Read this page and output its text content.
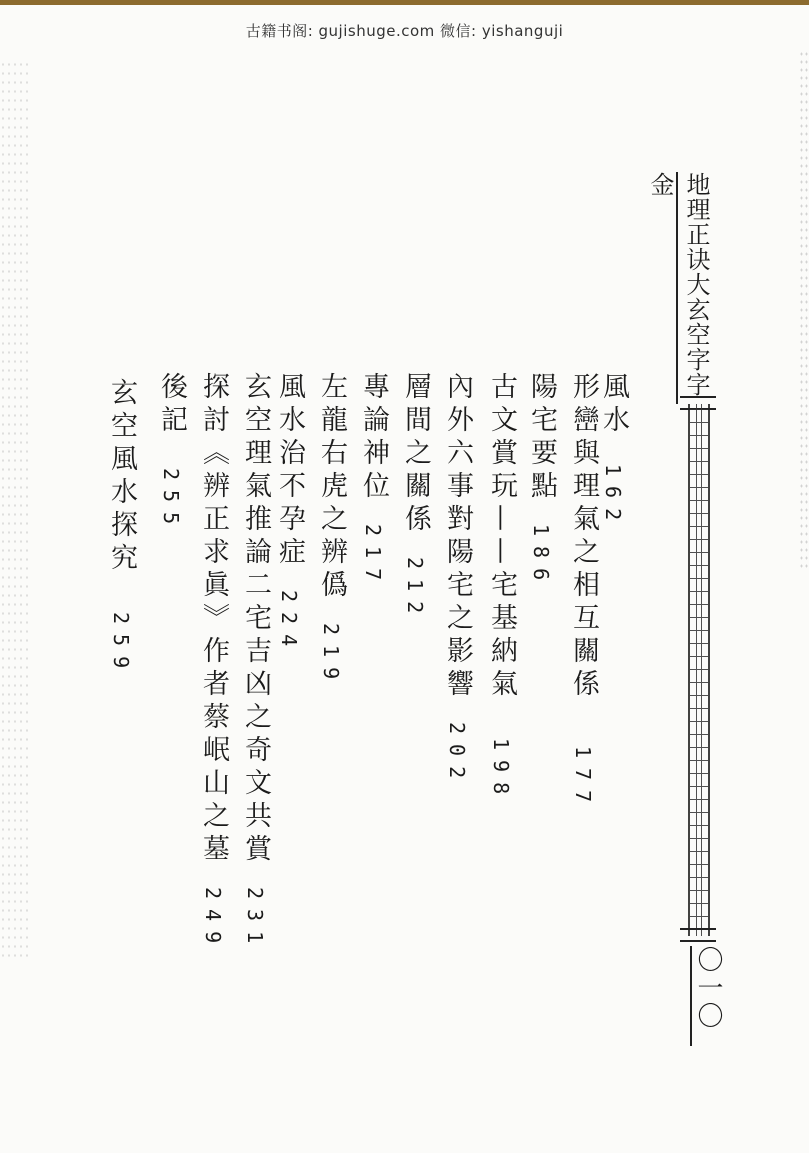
古籍书阁: gujishuge.com 微信: yishanguji
地理正诀大玄空字字金
〇一〇
風水162
形巒與理氣之相互關係177
陽宅要點186
古文賞玩——宅基納氣198
內外六事對陽宅之影響202
層間之關係212
專論神位217
左龍右虎之辨僞219
風水治不孕症224
玄空理氣推論二宅吉凶之奇文共賞231
探討《辨正求眞》作者蔡岷山之墓249
後記255
玄空風水探究259
